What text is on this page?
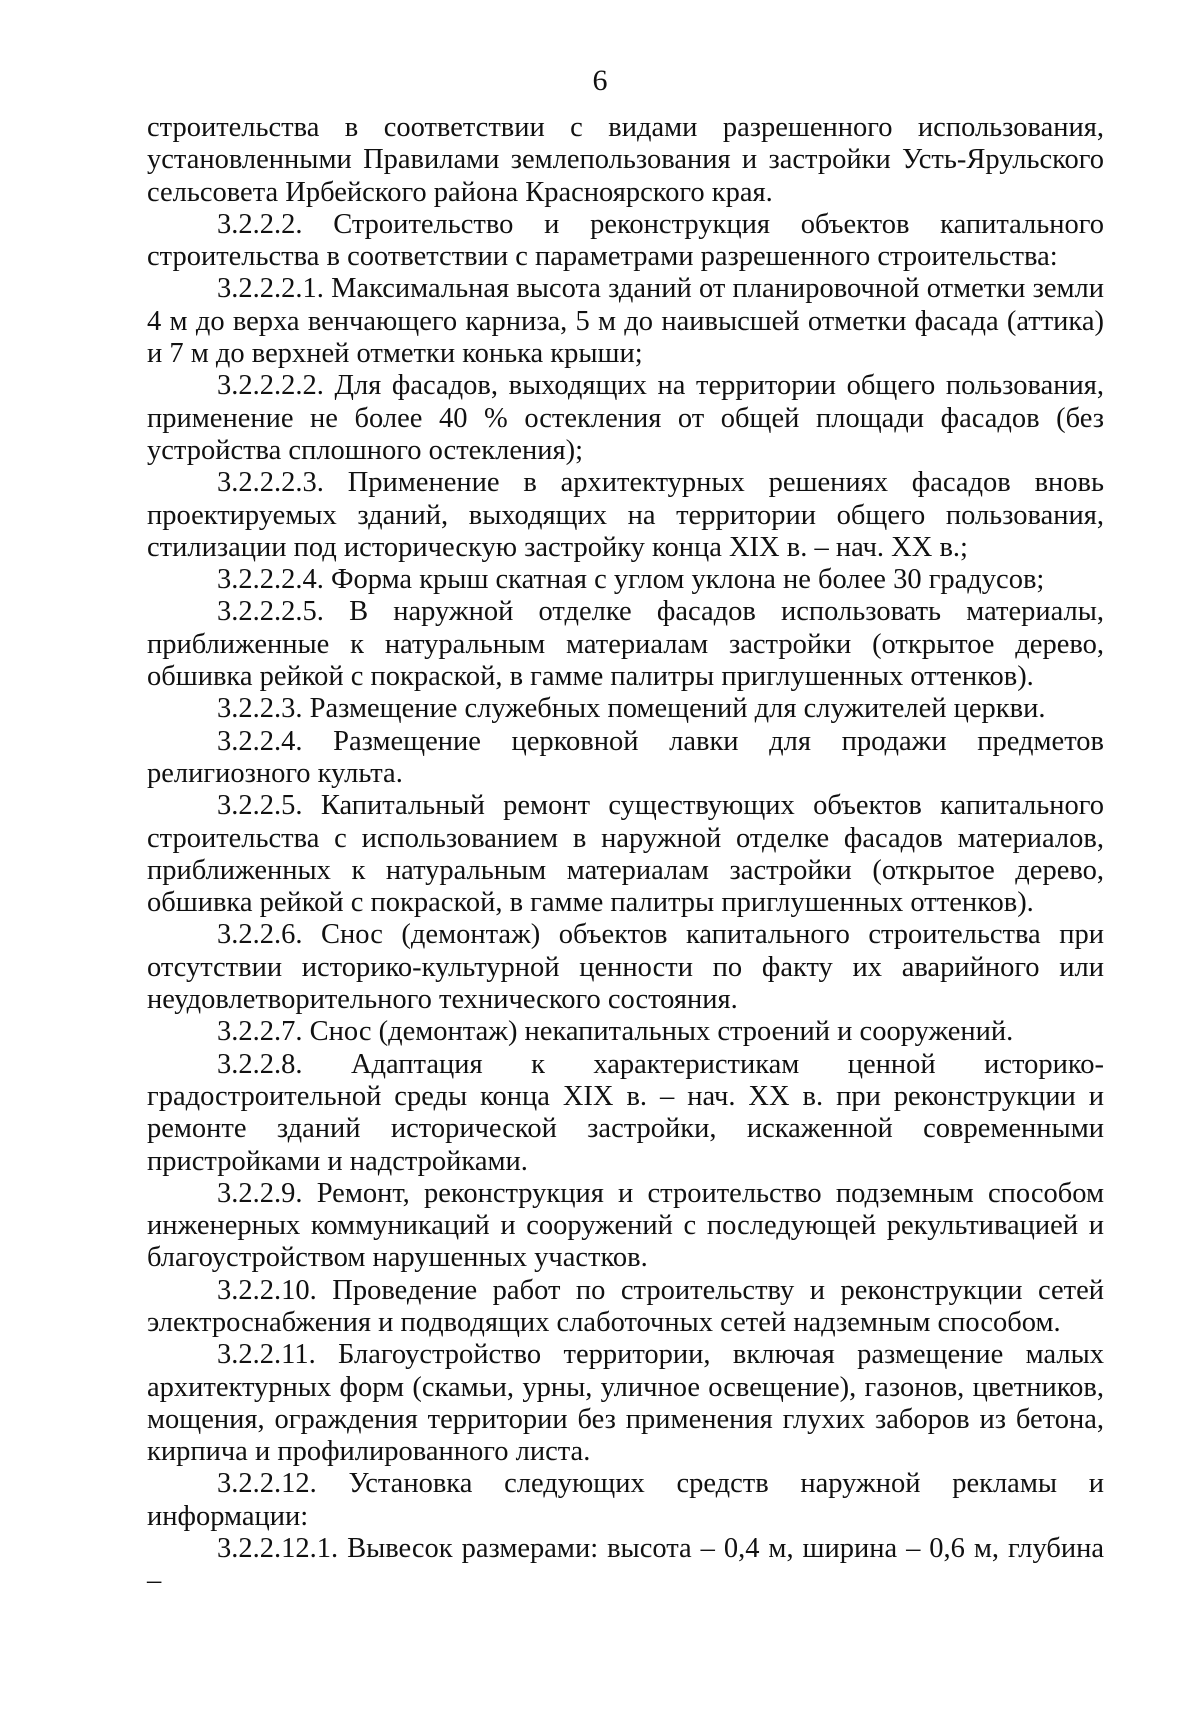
6

строительства в соответствии с видами разрешенного использования, установленными Правилами землепользования и застройки Усть-Ярульского сельсовета Ирбейского района Красноярского края.

3.2.2.2. Строительство и реконструкция объектов капитального строительства в соответствии с параметрами разрешенного строительства:

3.2.2.2.1. Максимальная высота зданий от планировочной отметки земли 4 м до верха венчающего карниза, 5 м до наивысшей отметки фасада (аттика) и 7 м до верхней отметки конька крыши;

3.2.2.2.2. Для фасадов, выходящих на территории общего пользования, применение не более 40 % остекления от общей площади фасадов (без устройства сплошного остекления);

3.2.2.2.3. Применение в архитектурных решениях фасадов вновь проектируемых зданий, выходящих на территории общего пользования, стилизации под историческую застройку конца XIX в. – нач. XX в.;

3.2.2.2.4. Форма крыш скатная с углом уклона не более 30 градусов;

3.2.2.2.5. В наружной отделке фасадов использовать материалы, приближенные к натуральным материалам застройки (открытое дерево, обшивка рейкой с покраской, в гамме палитры приглушенных оттенков).

3.2.2.3. Размещение служебных помещений для служителей церкви.

3.2.2.4. Размещение церковной лавки для продажи предметов религиозного культа.

3.2.2.5. Капитальный ремонт существующих объектов капитального строительства с использованием в наружной отделке фасадов материалов, приближенных к натуральным материалам застройки (открытое дерево, обшивка рейкой с покраской, в гамме палитры приглушенных оттенков).

3.2.2.6. Снос (демонтаж) объектов капитального строительства при отсутствии историко-культурной ценности по факту их аварийного или неудовлетворительного технического состояния.

3.2.2.7. Снос (демонтаж) некапитальных строений и сооружений.

3.2.2.8. Адаптация к характеристикам ценной историко-градостроительной среды конца XIX в. – нач. XX в. при реконструкции и ремонте зданий исторической застройки, искаженной современными пристройками и надстройками.

3.2.2.9. Ремонт, реконструкция и строительство подземным способом инженерных коммуникаций и сооружений с последующей рекультивацией и благоустройством нарушенных участков.

3.2.2.10. Проведение работ по строительству и реконструкции сетей электроснабжения и подводящих слаботочных сетей надземным способом.

3.2.2.11. Благоустройство территории, включая размещение малых архитектурных форм (скамьи, урны, уличное освещение), газонов, цветников, мощения, ограждения территории без применения глухих заборов из бетона, кирпича и профилированного листа.

3.2.2.12. Установка следующих средств наружной рекламы и информации:

3.2.2.12.1. Вывесок размерами: высота – 0,4 м, ширина – 0,6 м, глубина –
